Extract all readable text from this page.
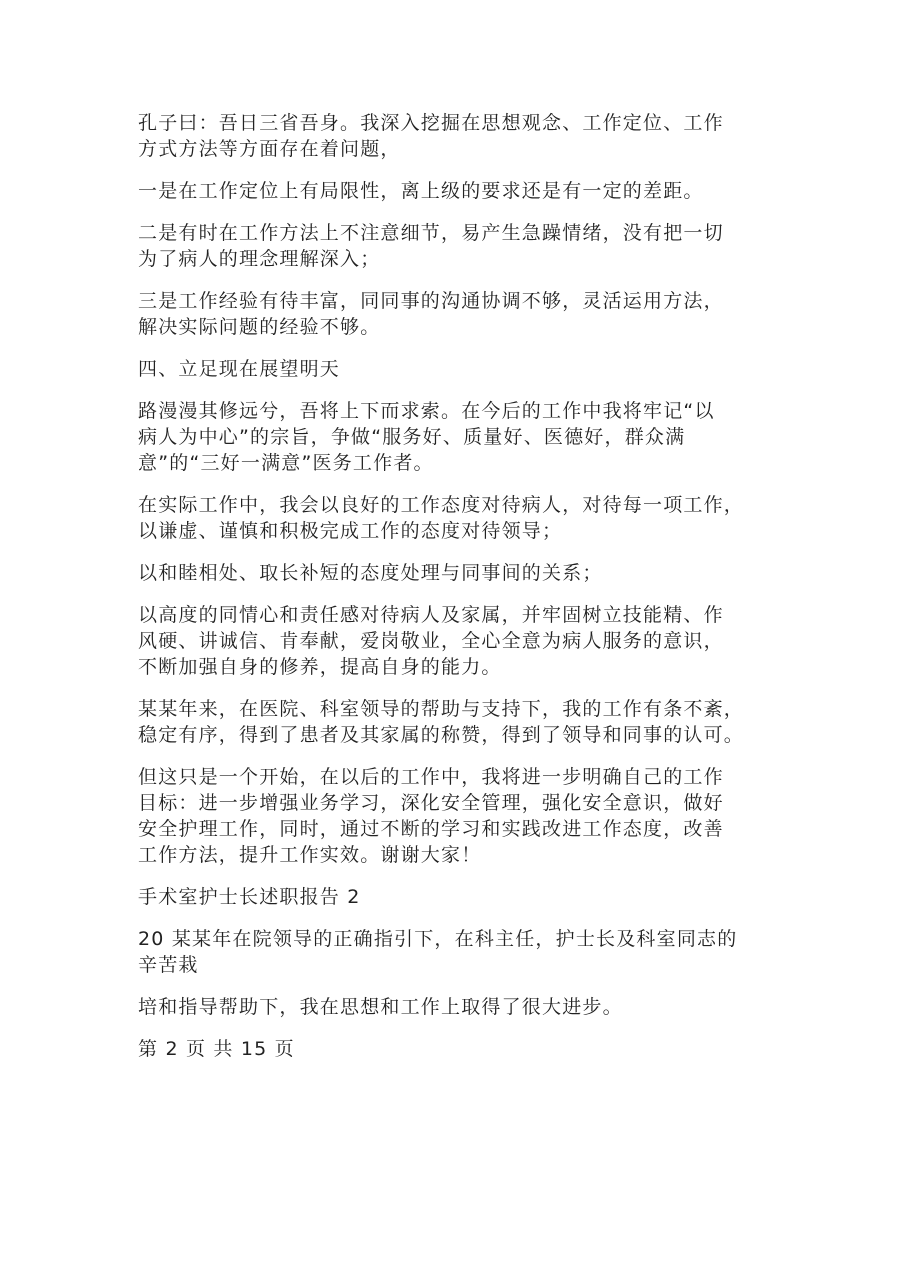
孔子曰：吾日三省吾身。我深入挖掘在思想观念、工作定位、工作
方式方法等方面存在着问题，
一是在工作定位上有局限性，离上级的要求还是有一定的差距。
二是有时在工作方法上不注意细节，易产生急躁情绪，没有把一切
为了病人的理念理解深入；
三是工作经验有待丰富，同同事的沟通协调不够，灵活运用方法，
解决实际问题的经验不够。
四、立足现在展望明天
路漫漫其修远兮，吾将上下而求索。在今后的工作中我将牢记“以
病人为中心”的宗旨，争做“服务好、质量好、医德好，群众满
意”的“三好一满意”医务工作者。
在实际工作中，我会以良好的工作态度对待病人，对待每一项工作，
以谦虚、谨慎和积极完成工作的态度对待领导；
以和睦相处、取长补短的态度处理与同事间的关系；
以高度的同情心和责任感对待病人及家属，并牢固树立技能精、作
风硬、讲诚信、肯奉献，爱岗敬业，全心全意为病人服务的意识，
不断加强自身的修养，提高自身的能力。
某某年来，在医院、科室领导的帮助与支持下，我的工作有条不紊，
稳定有序，得到了患者及其家属的称赞，得到了领导和同事的认可。
但这只是一个开始，在以后的工作中，我将进一步明确自己的工作
目标：进一步增强业务学习，深化安全管理，强化安全意识，做好
安全护理工作，同时，通过不断的学习和实践改进工作态度，改善
工作方法，提升工作实效。谢谢大家！
手术室护士长述职报告 2
20 某某年在院领导的正确指引下，在科主任，护士长及科室同志的
辛苦栽
培和指导帮助下，我在思想和工作上取得了很大进步。
第 2 页 共 15 页
